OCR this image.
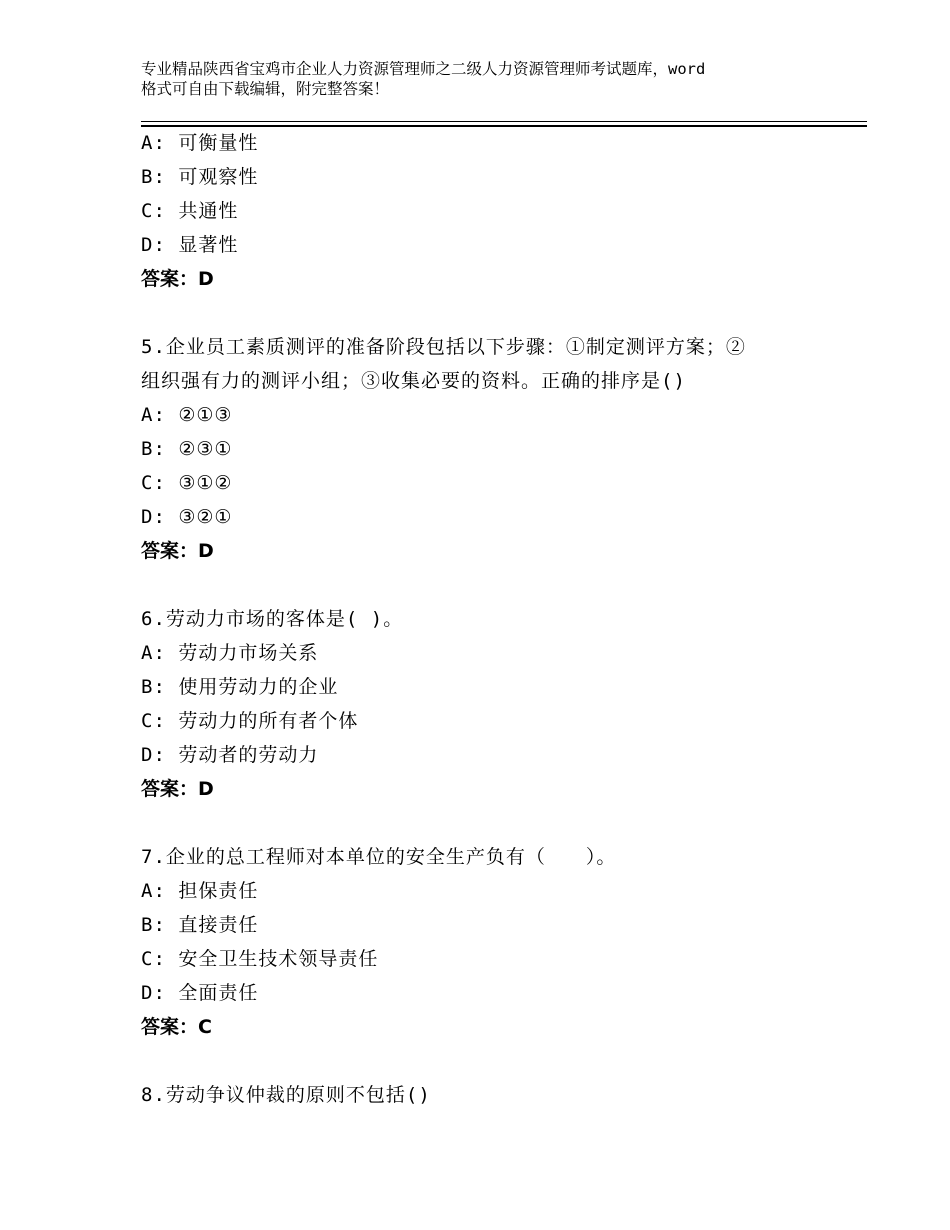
专业精品陕西省宝鸡市企业人力资源管理师之二级人力资源管理师考试题库，word
格式可自由下载编辑，附完整答案！
A: 可衡量性
B: 可观察性
C: 共通性
D: 显著性
答案：D
5.企业员工素质测评的准备阶段包括以下步骤：①制定测评方案；②
组织强有力的测评小组；③收集必要的资料。正确的排序是()
A: ②①③
B: ②③①
C: ③①②
D: ③②①
答案：D
6.劳动力市场的客体是( )。
A: 劳动力市场关系
B: 使用劳动力的企业
C: 劳动力的所有者个体
D: 劳动者的劳动力
答案：D
7.企业的总工程师对本单位的安全生产负有（　　）。
A: 担保责任
B: 直接责任
C: 安全卫生技术领导责任
D: 全面责任
答案：C
8.劳动争议仲裁的原则不包括()
